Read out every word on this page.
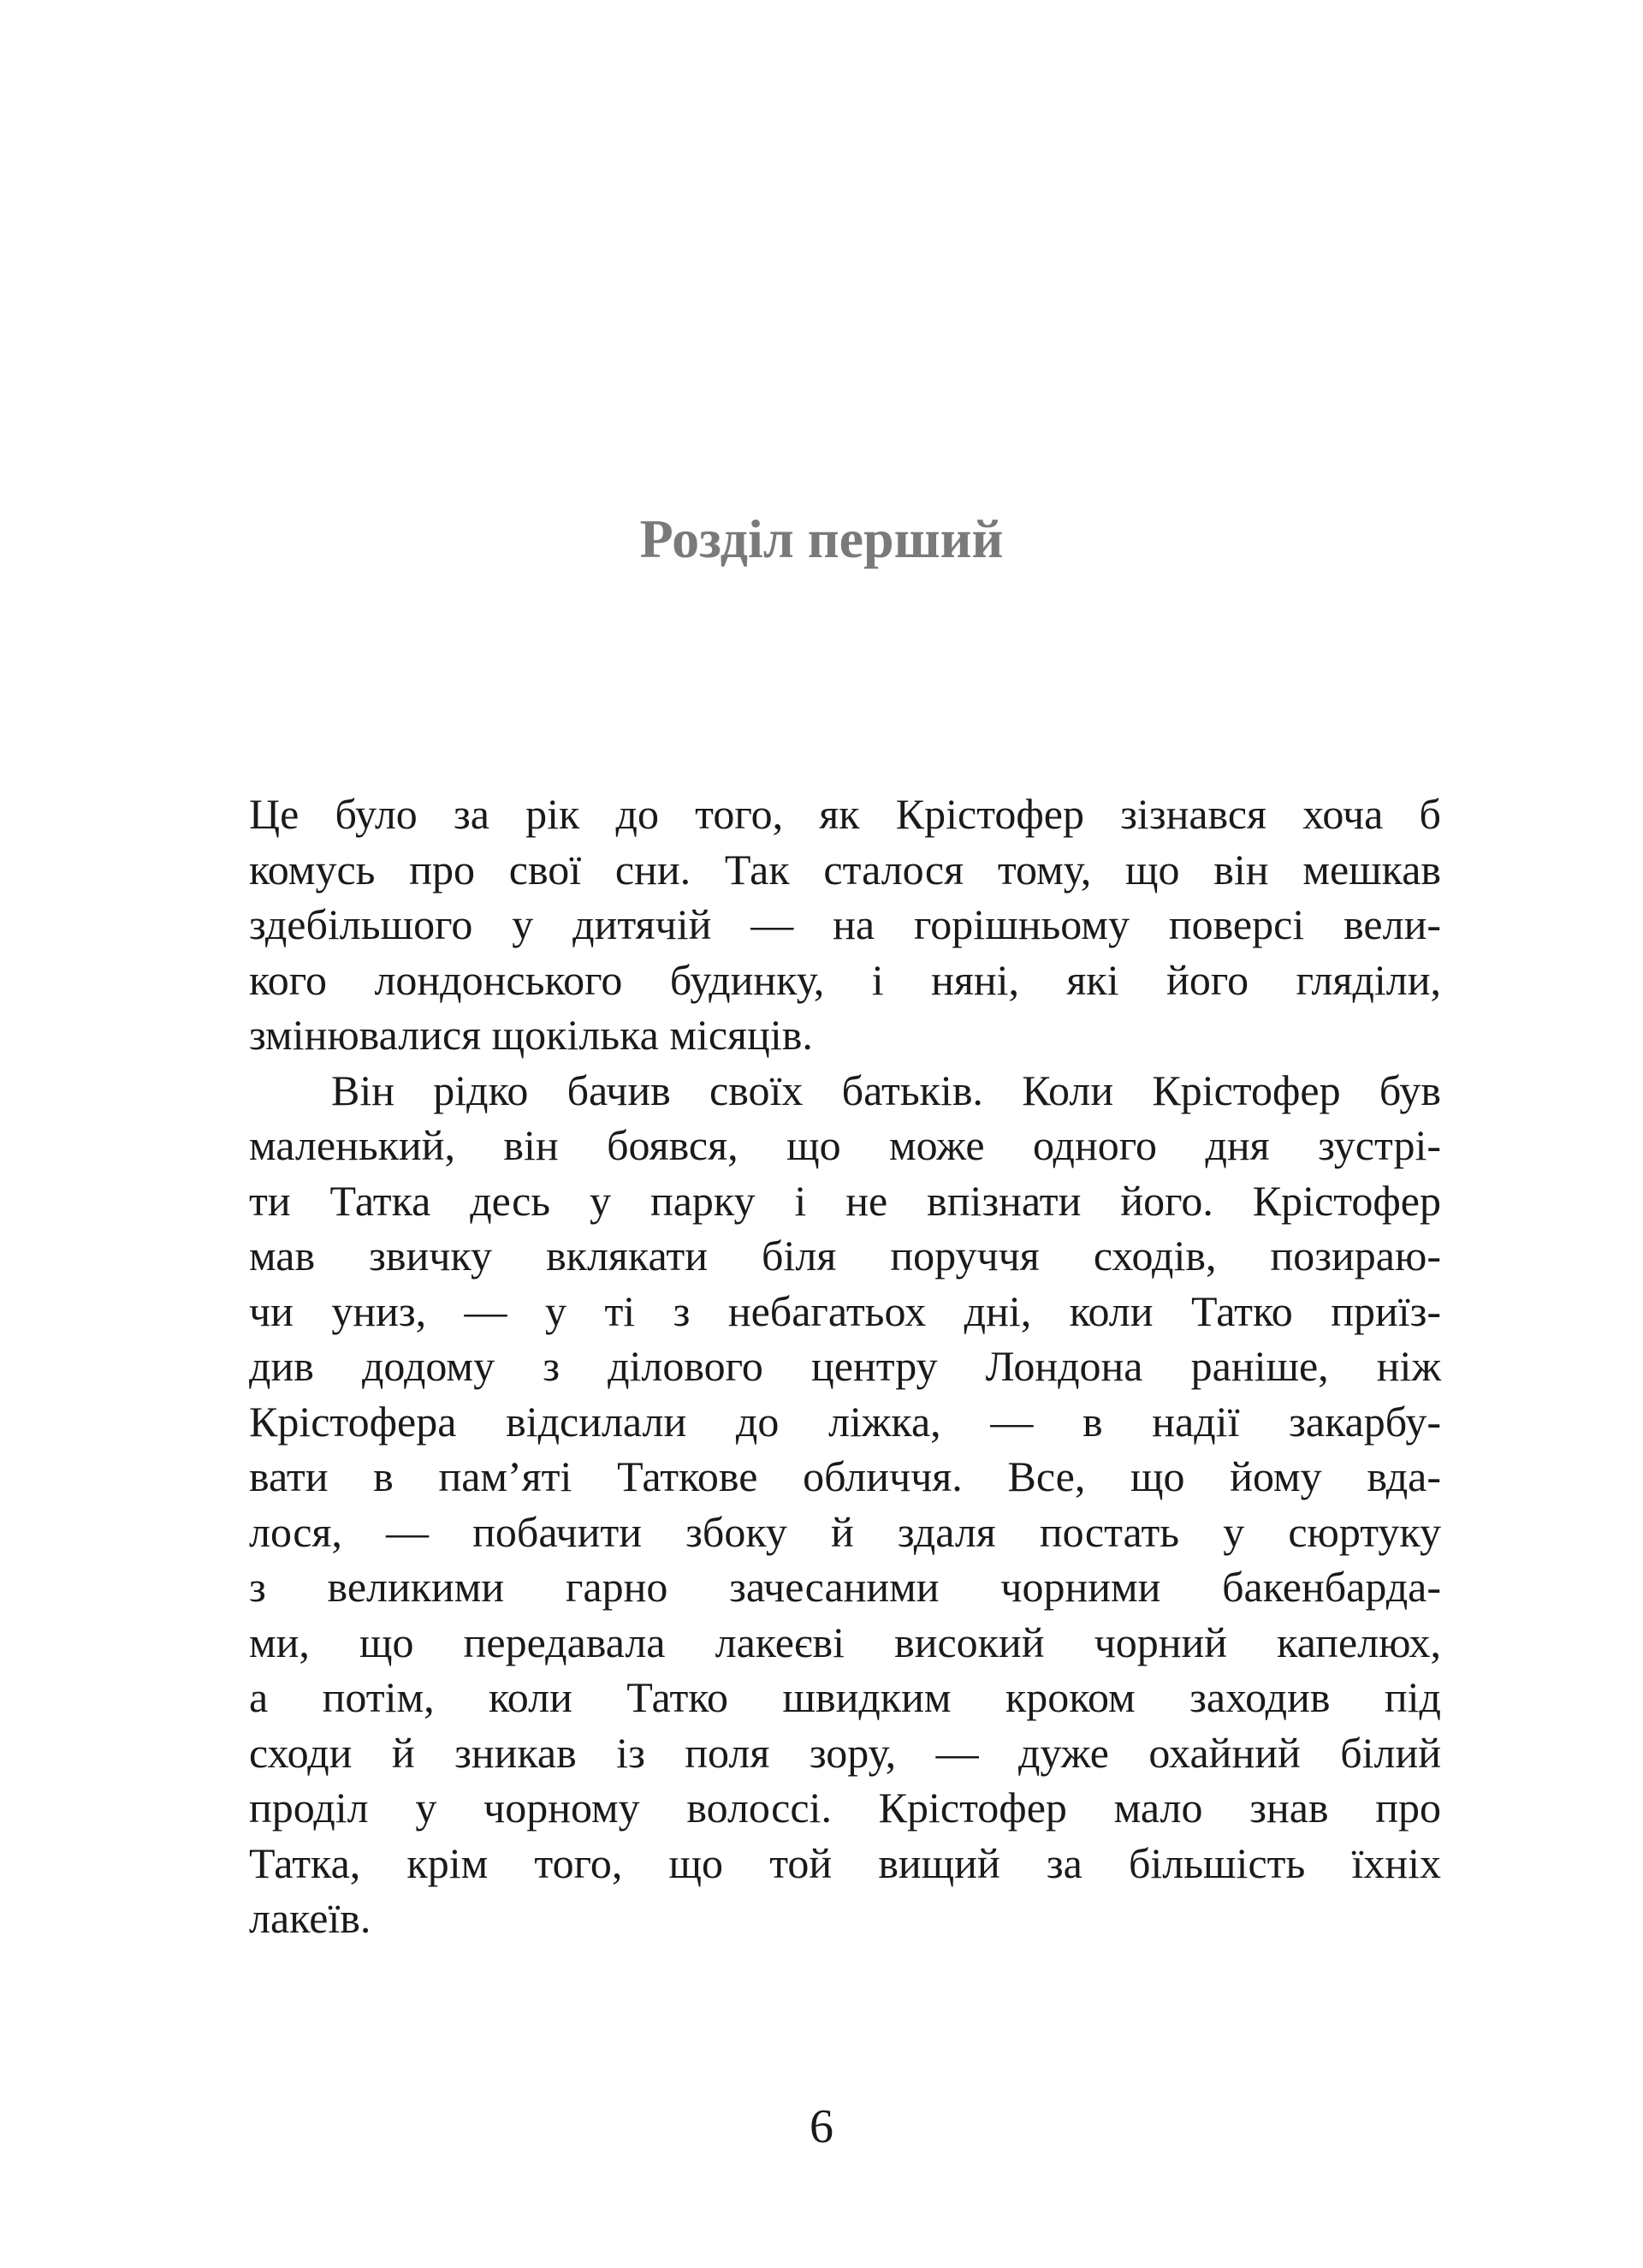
Розділ перший
Це було за рік до того, як Крістофер зізнався хоча б
комусь про свої сни. Так сталося тому, що він мешкав
здебільшого у дитячій — на горішньому поверсі вели-
кого лондонського будинку, і няні, які його гляділи,
змінювалися щокілька місяців.
Він рідко бачив своїх батьків. Коли Крістофер був
маленький, він боявся, що може одного дня зустрі-
ти Татка десь у парку і не впізнати його. Крістофер
мав звичку вклякати біля поруччя сходів, позираю-
чи униз, — у ті з небагатьох дні, коли Татко приїз-
див додому з ділового центру Лондона раніше, ніж
Крістофера відсилали до ліжка, — в надії закарбу-
вати в пам’яті Таткове обличчя. Все, що йому вда-
лося, — побачити збоку й здаля постать у сюртуку
з великими гарно зачесаними чорними бакенбарда-
ми, що передавала лакеєві високий чорний капелюх,
а потім, коли Татко швидким кроком заходив під
сходи й зникав із поля зору, — дуже охайний білий
проділ у чорному волоссі. Крістофер мало знав про
Татка, крім того, що той вищий за більшість їхніх
лакеїв.
6
